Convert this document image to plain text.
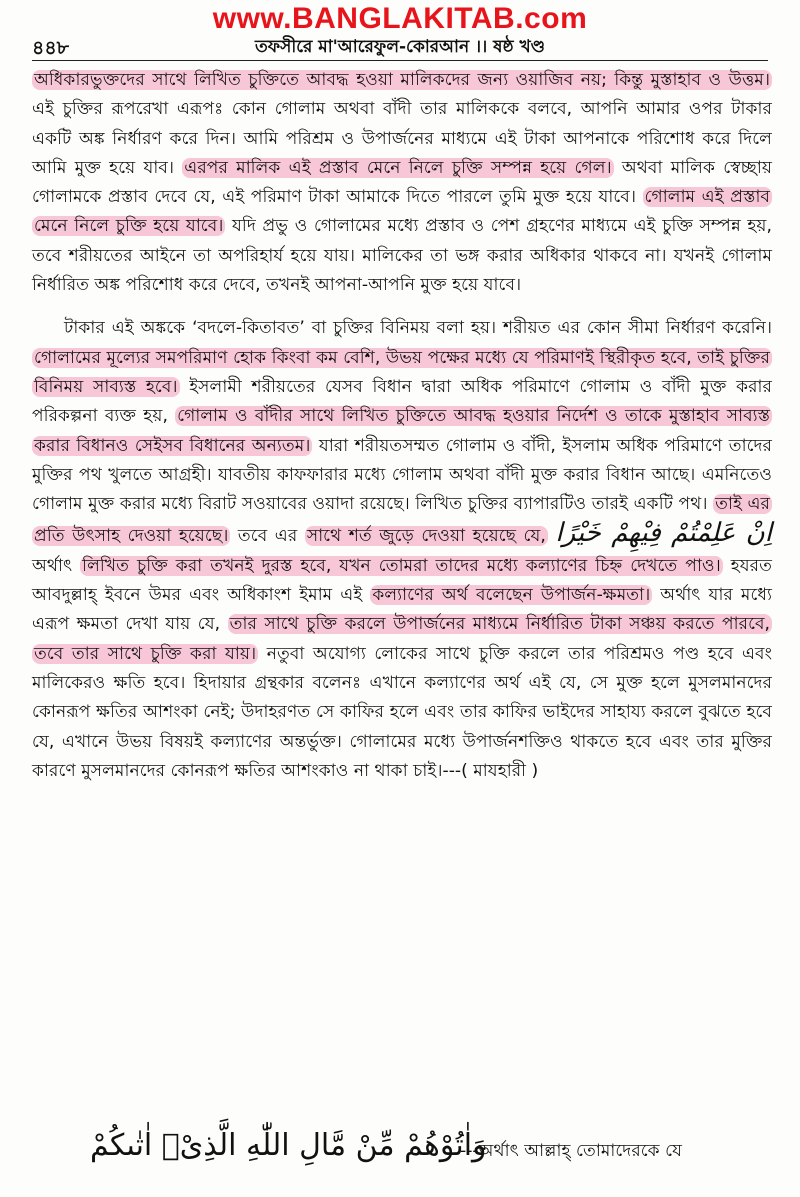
www.BANGLAKITAB.com
৪৪৮	তফসীরে মা'আরেফুল-কোরআন ।। ষষ্ঠ খণ্ড

অধিকারভুক্তদের সাথে লিখিত চুক্তিতে আবদ্ধ হওয়া মালিকদের জন্য ওয়াজিব নয়; কিন্তু মুস্তাহাব ও উত্তম। এই চুক্তির রূপরেখা এরূপঃ কোন গোলাম অথবা বাঁদী তার মালিককে বলবে, আপনি আমার ওপর টাকার একটি অঙ্ক নির্ধারণ করে দিন। আমি পরিশ্রম ও উপার্জনের মাধ্যমে এই টাকা আপনাকে পরিশোধ করে দিলে আমি মুক্ত হয়ে যাব। এরপর মালিক এই প্রস্তাব মেনে নিলে চুক্তি সম্পন্ন হয়ে গেল। অথবা মালিক স্বেচ্ছায় গোলামকে প্রস্তাব দেবে যে, এই পরিমাণ টাকা আমাকে দিতে পারলে তুমি মুক্ত হয়ে যাবে। গোলাম এই প্রস্তাব মেনে নিলে চুক্তি হয়ে যাবে। যদি প্রভু ও গোলামের মধ্যে প্রস্তাব ও পেশ গ্রহণের মাধ্যমে এই চুক্তি সম্পন্ন হয়, তবে শরীয়তের আইনে তা অপরিহার্য হয়ে যায়। মালিকের তা ভঙ্গ করার অধিকার থাকবে না। যখনই গোলাম নির্ধারিত অঙ্ক পরিশোধ করে দেবে, তখনই আপনা-আপনি মুক্ত হয়ে যাবে।

টাকার এই অঙ্ককে ‘বদলে-কিতাবত’ বা চুক্তির বিনিময় বলা হয়। শরীয়ত এর কোন সীমা নির্ধারণ করেনি। গোলামের মূল্যের সমপরিমাণ হোক কিংবা কম বেশি, উভয় পক্ষের মধ্যে যে পরিমাণই স্থিরীকৃত হবে, তাই চুক্তির বিনিময় সাব্যস্ত হবে। ইসলামী শরীয়তের যেসব বিধান দ্বারা অধিক পরিমাণে গোলাম ও বাঁদী মুক্ত করার পরিকল্পনা ব্যক্ত হয়, গোলাম ও বাঁদীর সাথে লিখিত চুক্তিতে আবদ্ধ হওয়ার নির্দেশ ও তাকে মুস্তাহাব সাব্যস্ত করার বিধানও সেইসব বিধানের অন্যতম। যারা শরীয়তসম্মত গোলাম ও বাঁদী, ইসলাম অধিক পরিমাণে তাদের মুক্তির পথ খুলতে আগ্রহী। যাবতীয় কাফফারার মধ্যে গোলাম অথবা বাঁদী মুক্ত করার বিধান আছে। এমনিতেও গোলাম মুক্ত করার মধ্যে বিরাট সওয়াবের ওয়াদা রয়েছে। লিখিত চুক্তির ব্যাপারটিও তারই একটি পথ। তাই এর প্রতি উৎসাহ দেওয়া হয়েছে। তবে এর সাথে শর্ত জুড়ে দেওয়া হয়েছে যে, اِنْ عَلِمْتُمْ فِیْهِمْ خَیْرًا অর্থাৎ লিখিত চুক্তি করা তখনই দুরস্ত হবে, যখন তোমরা তাদের মধ্যে কল্যাণের চিহ্ন দেখতে পাও। হযরত আবদুল্লাহ্ ইবনে উমর এবং অধিকাংশ ইমাম এই কল্যাণের অর্থ বলেছেন উপার্জন-ক্ষমতা। অর্থাৎ যার মধ্যে এরূপ ক্ষমতা দেখা যায় যে, তার সাথে চুক্তি করলে উপার্জনের মাধ্যমে নির্ধারিত টাকা সঞ্চয় করতে পারবে, তবে তার সাথে চুক্তি করা যায়। নতুবা অযোগ্য লোকের সাথে চুক্তি করলে তার পরিশ্রমও পণ্ড হবে এবং মালিকেরও ক্ষতি হবে। হিদায়ার গ্রন্থকার বলেনঃ এখানে কল্যাণের অর্থ এই যে, সে মুক্ত হলে মুসলমানদের কোনরূপ ক্ষতির আশংকা নেই; উদাহরণত সে কাফির হলে এবং তার কাফির ভাইদের সাহায্য করলে বুঝতে হবে যে, এখানে উভয় বিষয়ই কল্যাণের অন্তর্ভুক্ত। গোলামের মধ্যে উপার্জনশক্তিও থাকতে হবে এবং তার মুক্তির কারণে মুসলমানদের কোনরূপ ক্ষতির আশংকাও না থাকা চাই।---( মাযহারী )

وَاٰتُوْهُمْ مِّنْ مَّالِ اللّٰهِ الَّذِیْۤ اٰتٰىكُمْ
---অর্থাৎ আল্লাহ্ তোমাদেরকে যে
